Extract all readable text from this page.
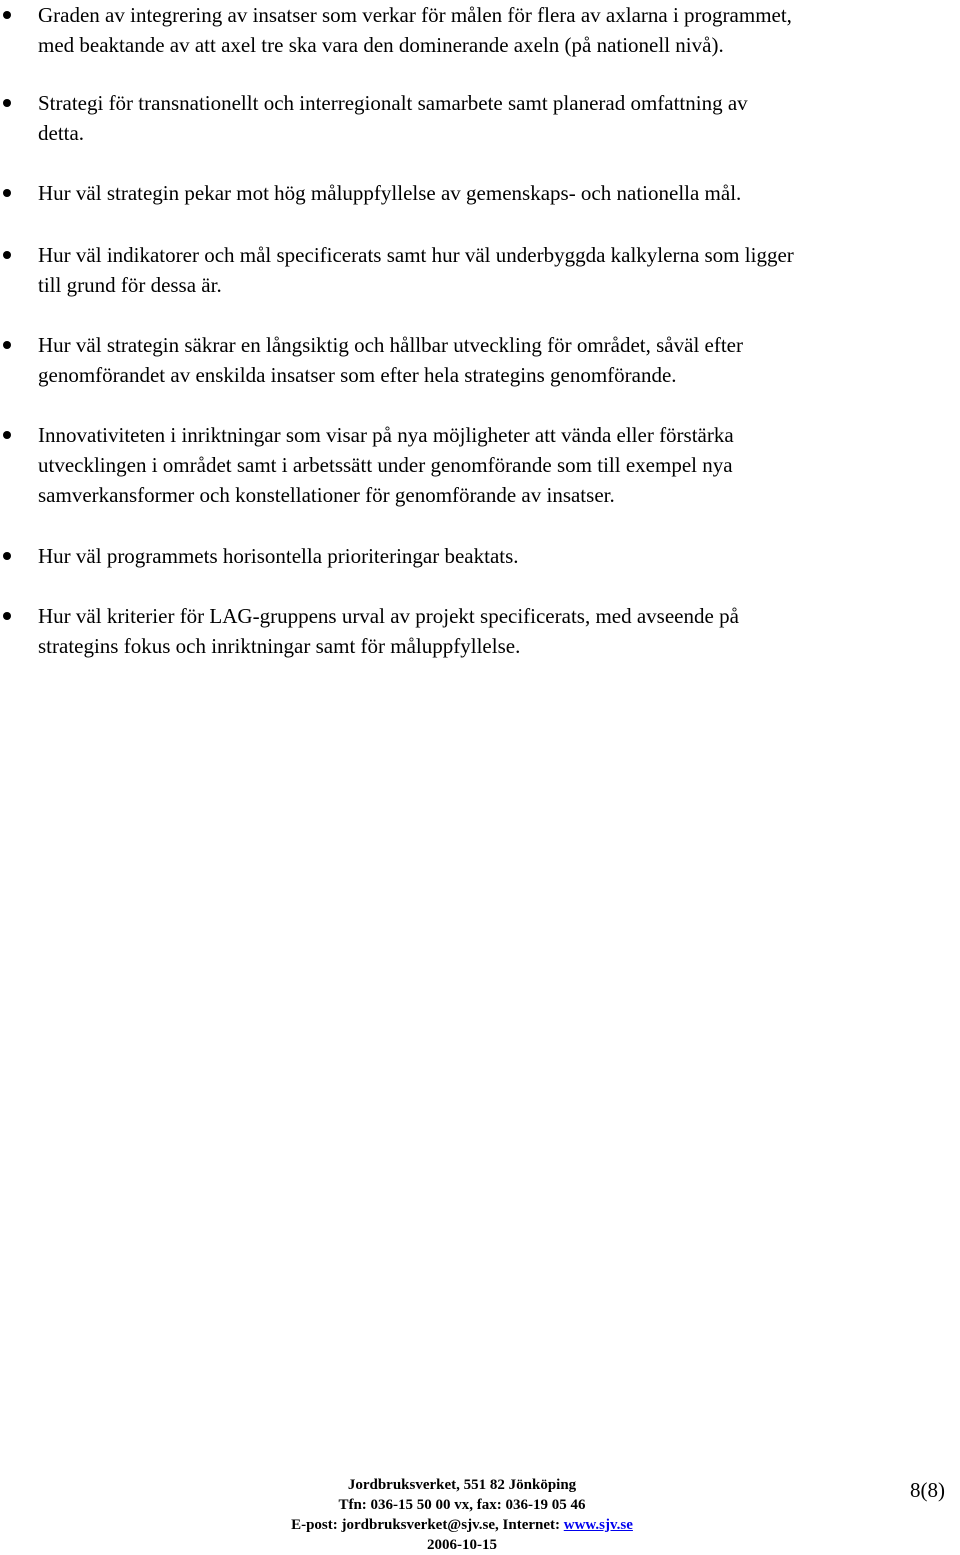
Graden av integrering av insatser som verkar för målen för flera av axlarna i programmet,
med beaktande av att axel tre ska vara den dominerande axeln (på nationell nivå).

Strategi för transnationellt och interregionalt samarbete samt planerad omfattning av
detta.

Hur väl strategin pekar mot hög måluppfyllelse av gemenskaps- och nationella mål.

Hur väl indikatorer och mål specificerats samt hur väl underbyggda kalkylerna som ligger
till grund för dessa är.

Hur väl strategin säkrar en långsiktig och hållbar utveckling för området, såväl efter
genomförandet av enskilda insatser som efter hela strategins genomförande.

Innovativiteten i inriktningar som visar på nya möjligheter att vända eller förstärka
utvecklingen i området samt i arbetssätt under genomförande som till exempel nya
samverkansformer och konstellationer för genomförande av insatser.

Hur väl programmets horisontella prioriteringar beaktats.

Hur väl kriterier för LAG-gruppens urval av projekt specificerats, med avseende på
strategins fokus och inriktningar samt för måluppfyllelse.

Jordbruksverket, 551 82 Jönköping
Tfn: 036-15 50 00 vx, fax: 036-19 05 46
E-post: jordbruksverket@sjv.se, Internet: www.sjv.se
2006-10-15
8(8)
